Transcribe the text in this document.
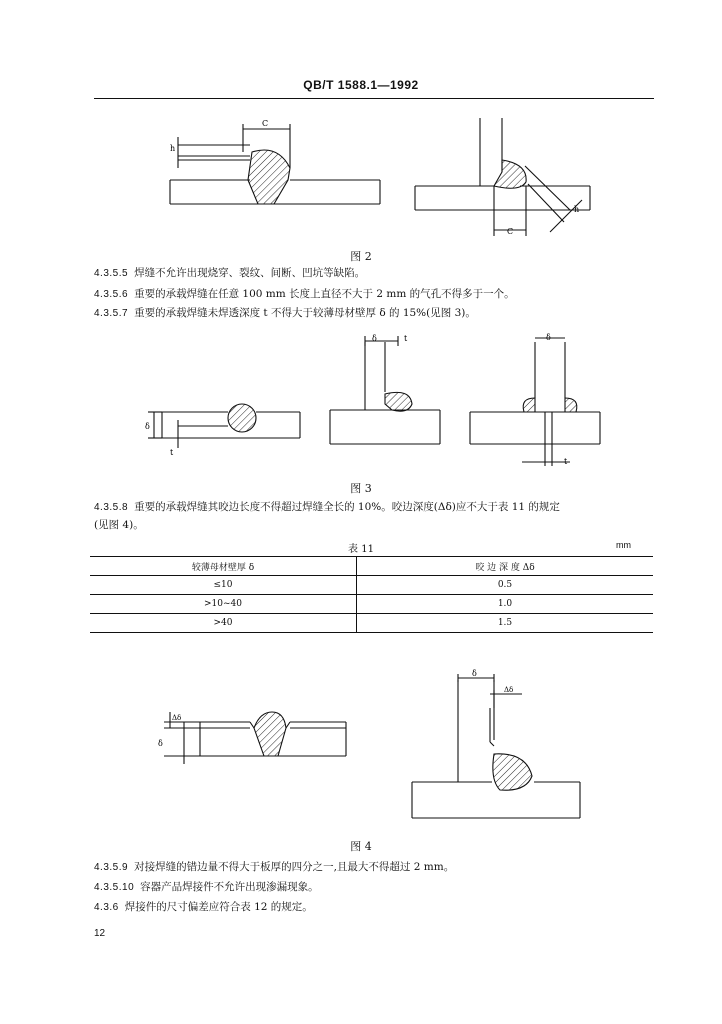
QB/T 1588.1—1992
C
h
C
h
图 2
4.3.5.5 焊缝不允许出现烧穿、裂纹、间断、凹坑等缺陷。
4.3.5.6 重要的承载焊缝在任意 100 mm 长度上直径不大于 2 mm 的气孔不得多于一个。
4.3.5.7 重要的承载焊缝未焊透深度 t 不得大于较薄母材壁厚 δ 的 15%(见图 3)。
δ
t
δ	t	δ
t
图 3
4.3.5.8 重要的承载焊缝其咬边长度不得超过焊缝全长的 10%。咬边深度(Δδ)应不大于表 11 的规定
(见图 4)。
表 11	mm
较薄母材壁厚 δ	咬 边 深 度 Δδ
≤10	0.5
>10~40	1.0
>40	1.5
Δδ
δ
δ
Δδ
图 4
4.3.5.9 对接焊缝的错边量不得大于板厚的四分之一,且最大不得超过 2 mm。
4.3.5.10 容器产品焊接件不允许出现渗漏现象。
4.3.6 焊接件的尺寸偏差应符合表 12 的规定。
12
